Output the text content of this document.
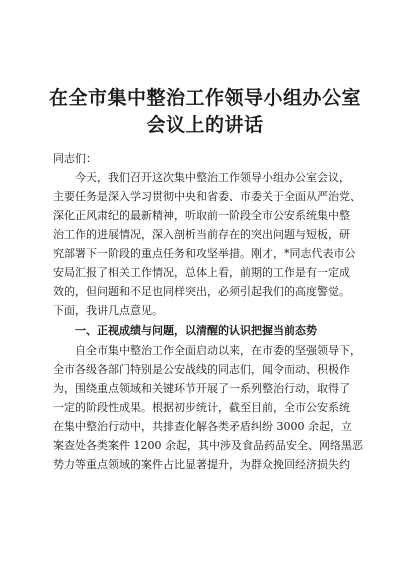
在全市集中整治工作领导小组办公室
会议上的讲话
同志们：
　　今天，我们召开这次集中整治工作领导小组办公室会议，
主要任务是深入学习贯彻中央和省委、市委关于全面从严治党、
深化正风肃纪的最新精神，听取前一阶段全市公安系统集中整
治工作的进展情况，深入剖析当前存在的突出问题与短板，研
究部署下一阶段的重点任务和攻坚举措。刚才，*同志代表市公
安局汇报了相关工作情况，总体上看，前期的工作是有一定成
效的，但问题和不足也同样突出，必须引起我们的高度警觉。
下面，我讲几点意见。
　　一、正视成绩与问题，以清醒的认识把握当前态势
　　自全市集中整治工作全面启动以来，在市委的坚强领导下，
全市各级各部门特别是公安战线的同志们，闻令而动、积极作
为，围绕重点领域和关键环节开展了一系列整治行动，取得了
一定的阶段性成果。根据初步统计，截至目前，全市公安系统
在集中整治行动中，共排查化解各类矛盾纠纷 3000 余起，立
案查处各类案件 1200 余起，其中涉及食品药品安全、网络黑恶
势力等重点领域的案件占比显著提升，为群众挽回经济损失约
